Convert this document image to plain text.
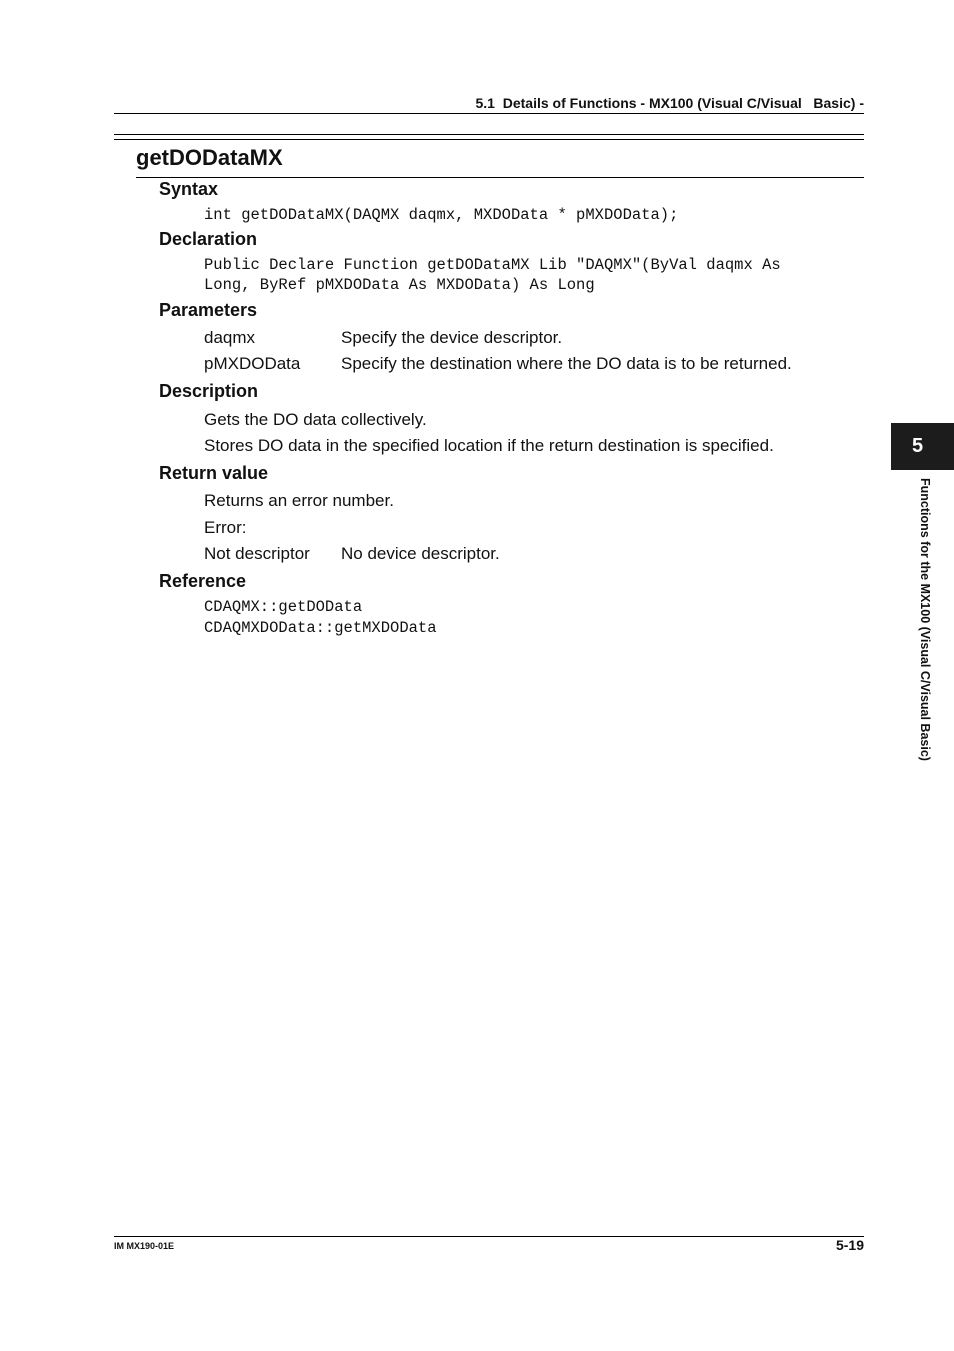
5.1  Details of Functions - MX100 (Visual C/Visual   Basic) -
getDODataMX
Syntax
int getDODataMX(DAQMX daqmx, MXDOData * pMXDOData);
Declaration
Public Declare Function getDODataMX Lib "DAQMX"(ByVal daqmx As
Long, ByRef pMXDOData As MXDOData) As Long
Parameters
daqmx	Specify the device descriptor.
pMXDOData Specify the destination where the DO data is to be returned.
Description
Gets the DO data collectively.
Stores DO data in the specified location if the return destination is specified.
Return value
Returns an error number.
Error:
Not descriptor No device descriptor.
Reference
CDAQMX::getDOData
CDAQMXDOData::getMXDOData
5
Functions for the MX100 (Visual C/Visual Basic)
IM MX190-01E	5-19
